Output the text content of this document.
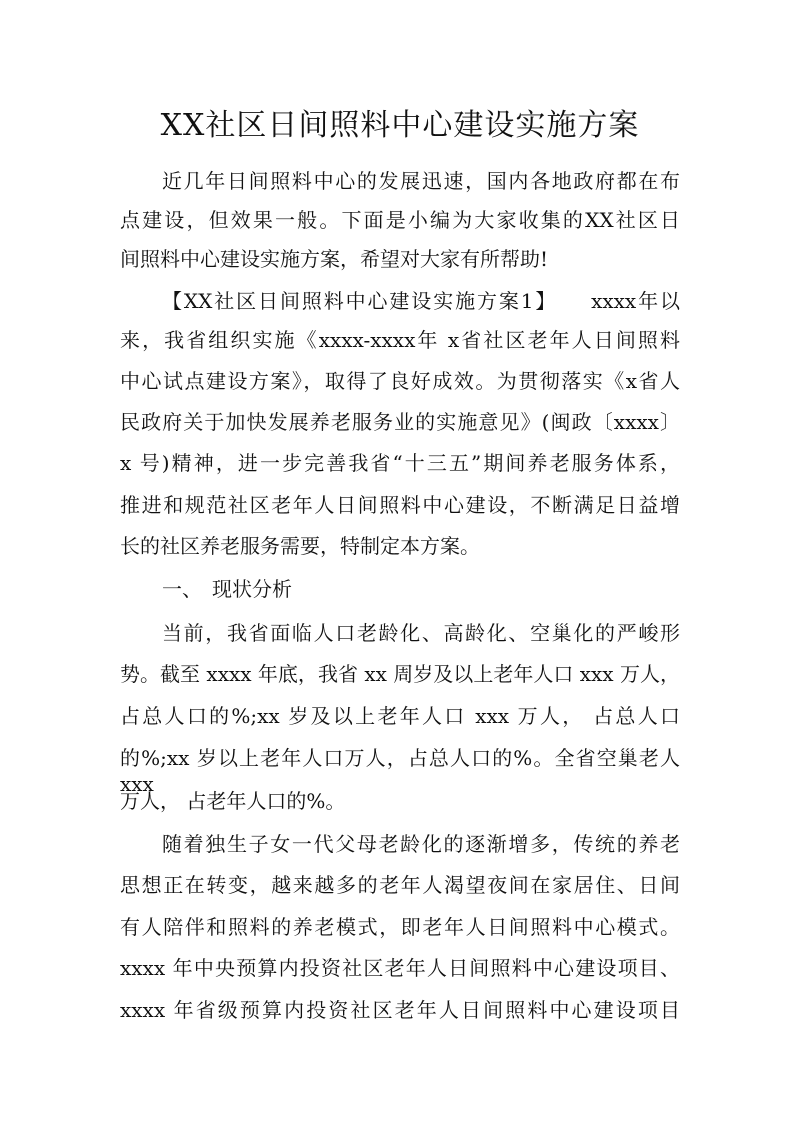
XX社区日间照料中心建设实施方案
近几年日间照料中心的发展迅速，国内各地政府都在布
点建设，但效果一般。下面是小编为大家收集的XX社区日
间照料中心建设实施方案，希望对大家有所帮助!
【XX社区日间照料中心建设实施方案1】　　xxxx年以
来，我省组织实施《xxxx-xxxx年 x省社区老年人日间照料
中心试点建设方案》，取得了良好成效。为贯彻落实《x省人
民政府关于加快发展养老服务业的实施意见》(闽政〔xxxx〕
x 号)精神，进一步完善我省“十三五”期间养老服务体系，
推进和规范社区老年人日间照料中心建设，不断满足日益增
长的社区养老服务需要，特制定本方案。
一、　现状分析
当前，我省面临人口老龄化、高龄化、空巢化的严峻形
势。截至 xxxx 年底，我省 xx 周岁及以上老年人口 xxx 万人，
占总人口的%;xx 岁及以上老年人口 xxx 万人， 占总人口
的%;xx 岁以上老年人口万人，占总人口的%。全省空巢老人 xxx
万人， 占老年人口的%。
随着独生子女一代父母老龄化的逐渐增多，传统的养老
思想正在转变，越来越多的老年人渴望夜间在家居住、日间
有人陪伴和照料的养老模式，即老年人日间照料中心模式。
xxxx 年中央预算内投资社区老年人日间照料中心建设项目、
xxxx 年省级预算内投资社区老年人日间照料中心建设项目
